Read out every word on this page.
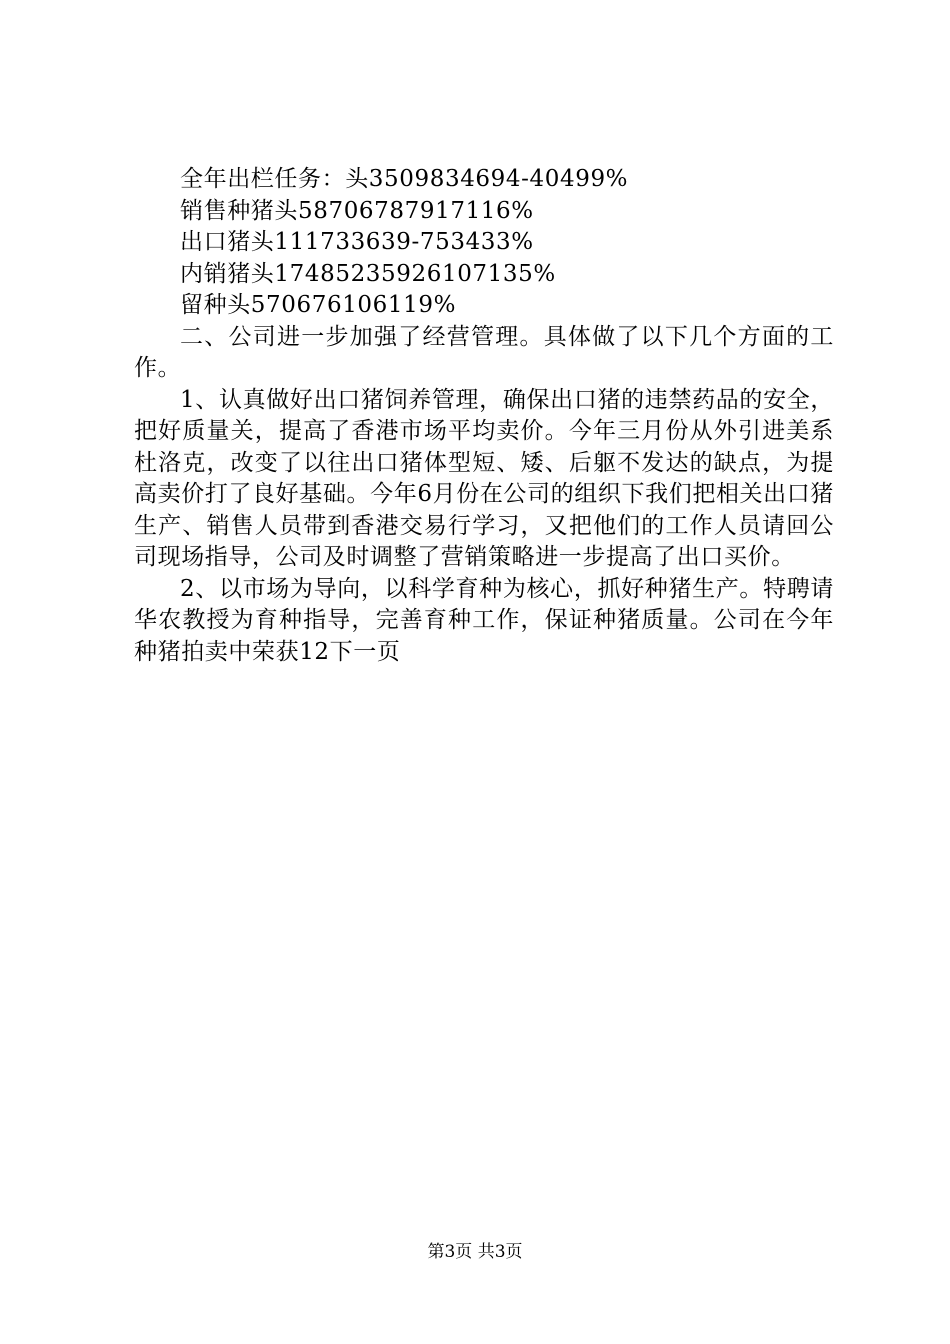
全年出栏任务：头3509834694-40499%
销售种猪头58706787917116%
出口猪头111733639-753433%
内销猪头17485235926107135%
留种头570676106119%

二、公司进一步加强了经营管理。具体做了以下几个方面的工作。

1、认真做好出口猪饲养管理，确保出口猪的违禁药品的安全，把好质量关，提高了香港市场平均卖价。今年三月份从外引进美系杜洛克，改变了以往出口猪体型短、矮、后躯不发达的缺点，为提高卖价打了良好基础。今年6月份在公司的组织下我们把相关出口猪生产、销售人员带到香港交易行学习，又把他们的工作人员请回公司现场指导，公司及时调整了营销策略进一步提高了出口买价。

2、以市场为导向，以科学育种为核心，抓好种猪生产。特聘请华农教授为育种指导，完善育种工作，保证种猪质量。公司在今年种猪拍卖中荣获12下一页

第3页 共3页
